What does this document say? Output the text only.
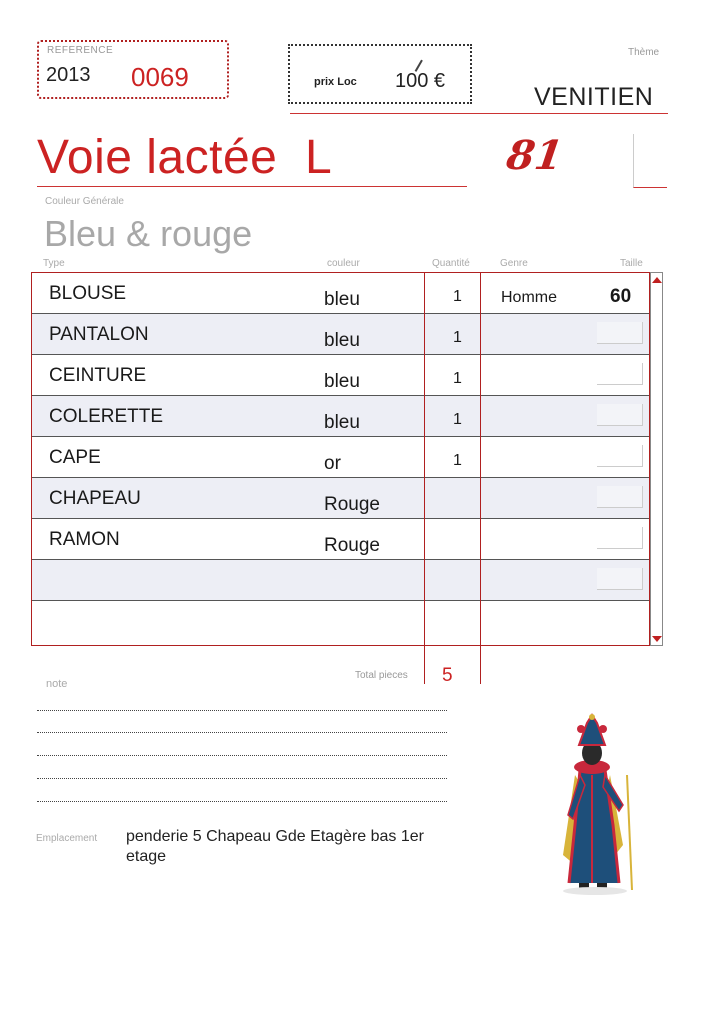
REFERENCE
2013 0069	prix Loc 100 €
Thème
VENITIEN
Voie lactée  L	81
Couleur Générale
Bleu & rouge
Type	couleur	Quantité	Genre	Taille
BLOUSE	bleu	1 Homme	60
PANTALON	bleu	1
CEINTURE	bleu	1
COLERETTE	bleu	1
CAPE	or	1
CHAPEAU	Rouge
RAMON	Rouge
Total pieces 5
note
Emplacement penderie 5 Chapeau Gde Etagère bas 1er etage
